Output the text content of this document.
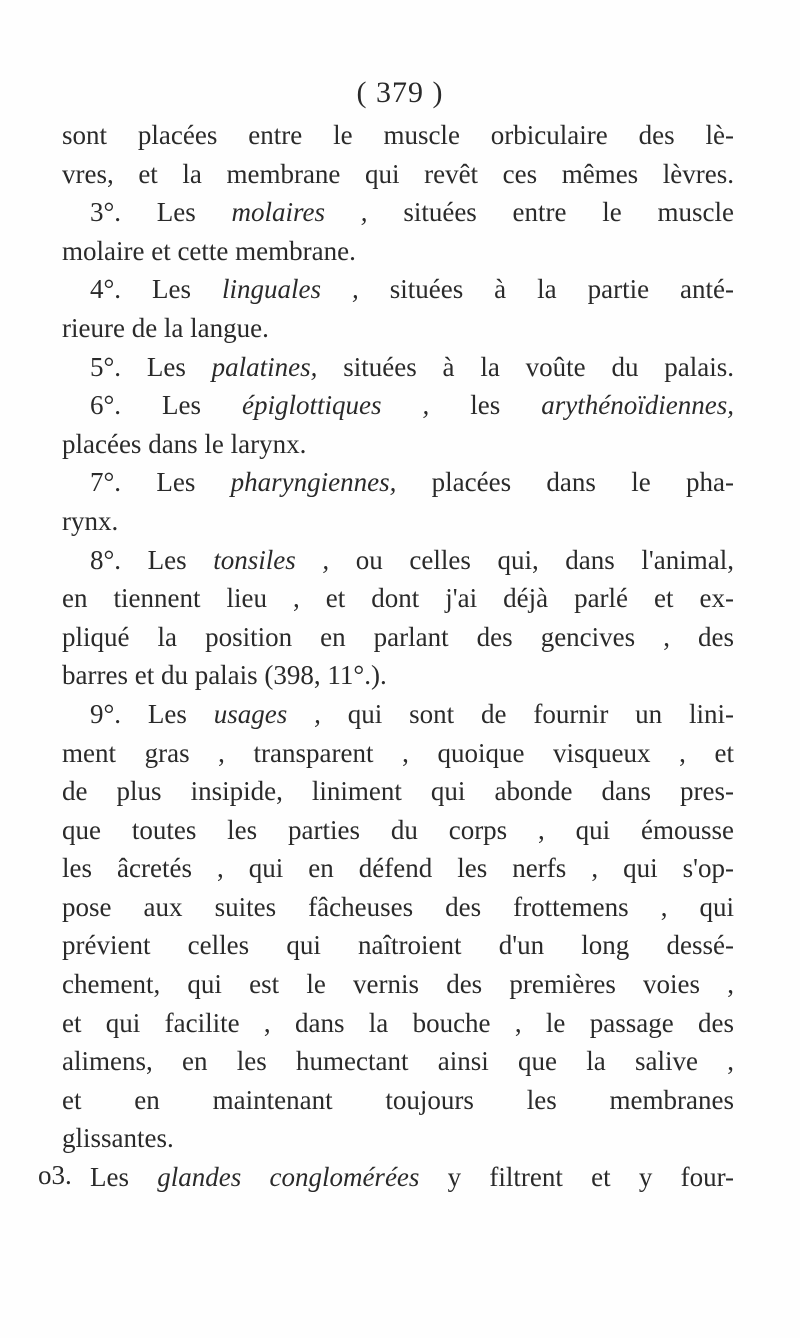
( 379 )
sont placées entre le muscle orbiculaire des lè-
vres, et la membrane qui revêt ces mêmes lèvres.
3°. Les molaires , situées entre le muscle
molaire et cette membrane.
4°. Les linguales , situées à la partie anté-
rieure de la langue.
5°. Les palatines, situées à la voûte du palais.
6°. Les épiglottiques , les arythénoïdiennes,
placées dans le larynx.
7°. Les pharyngiennes, placées dans le pha-
rynx.
8°. Les tonsiles , ou celles qui, dans l'animal,
en tiennent lieu , et dont j'ai déjà parlé et ex-
pliqué la position en parlant des gencives , des
barres et du palais (398, 11°.).
9°. Les usages , qui sont de fournir un lini-
ment gras , transparent , quoique visqueux , et
de plus insipide, liniment qui abonde dans pres-
que toutes les parties du corps , qui émousse
les âcretés , qui en défend les nerfs , qui s'op-
pose aux suites fâcheuses des frottemens , qui
prévient celles qui naîtroient d'un long dessé-
chement, qui est le vernis des premières voies ,
et qui facilite , dans la bouche , le passage des
alimens, en les humectant ainsi que la salive ,
et en maintenant toujours les membranes
glissantes.
Les glandes conglomérées y filtrent et y four-
o3.
